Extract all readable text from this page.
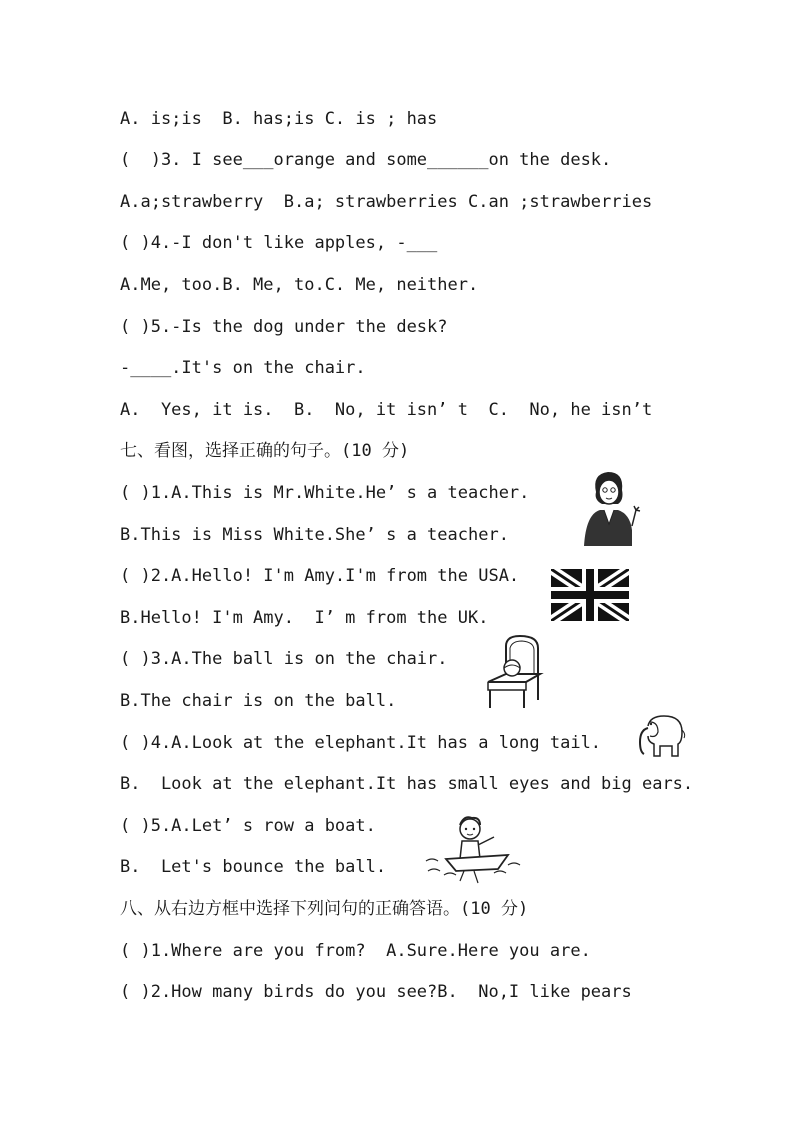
A. is;is  B. has;is C. is ; has
(  )3. I see___orange and some______on the desk.
A.a;strawberry  B.a; strawberries C.an ;strawberries
( )4.-I don't like apples, -___
A.Me, too.B. Me, to.C. Me, neither.
( )5.-Is the dog under the desk?
-____.It's on the chair.
A.  Yes, it is.  B.  No, it isn’ t  C.  No, he isn’t
七、看图，选择正确的句子。(10 分)
( )1.A.This is Mr.White.He’ s a teacher.
B.This is Miss White.She’ s a teacher.
( )2.A.Hello! I'm Amy.I'm from the USA.
B.Hello! I'm Amy.  I’ m from the UK.
( )3.A.The ball is on the chair.
B.The chair is on the ball.
( )4.A.Look at the elephant.It has a long tail.
B.  Look at the elephant.It has small eyes and big ears.
( )5.A.Let’ s row a boat.
B.  Let's bounce the ball.
八、从右边方框中选择下列问句的正确答语。(10 分)
( )1.Where are you from?  A.Sure.Here you are.
( )2.How many birds do you see?B.  No,I like pears
